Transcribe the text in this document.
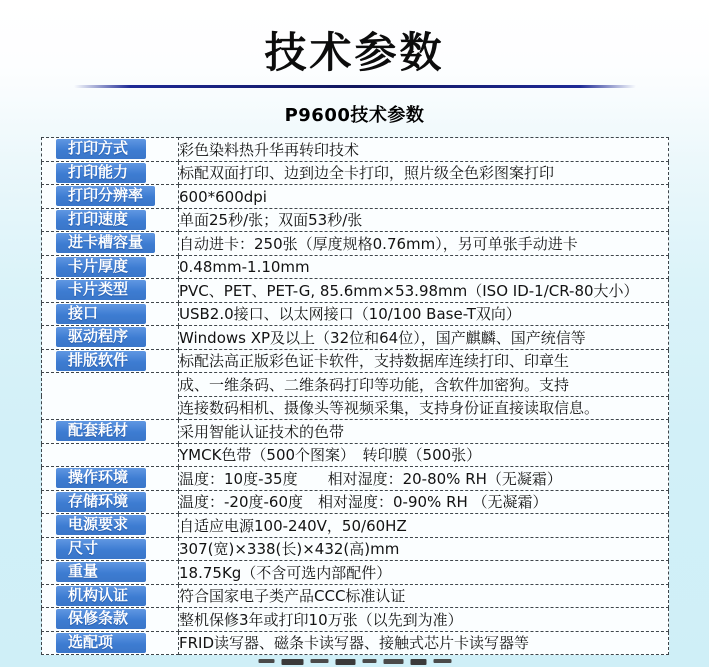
技术参数
P9600技术参数
打印方式	彩色染料热升华再转印技术

打印能力	标配双面打印、边到边全卡打印，照片级全色彩图案打印

打印分辨率	600*600dpi

打印速度	单面25秒/张；双面53秒/张

进卡槽容量	自动进卡：250张（厚度规格0.76mm），另可单张手动进卡

卡片厚度	0.48mm-1.10mm

卡片类型	PVC、PET、PET-G, 85.6mm×53.98mm（ISO ID-1/CR-80大小）

接口	USB2.0接口、以太网接口（10/100 Base-T双向）

驱动程序	Windows XP及以上（32位和64位），国产麒麟、国产统信等

排版软件	标配法高正版彩色证卡软件，支持数据库连续打印、印章生
	成、一维条码、二维条码打印等功能，含软件加密狗。支持
	连接数码相机、摄像头等视频采集，支持身份证直接读取信息。

配套耗材	采用智能认证技术的色带
	YMCK色带（500个图案）　转印膜（500张）

操作环境	温度：10度-35度　　相对湿度：20-80% RH（无凝霜）

存储环境	温度：-20度-60度　相对湿度：0-90% RH （无凝霜）

电源要求	自适应电源100-240V，50/60HZ

尺寸	307(宽)×338(长)×432(高)mm

重量	18.75Kg（不含可选内部配件）

机构认证	符合国家电子类产品CCC标准认证

保修条款	整机保修3年或打印10万张（以先到为准）

选配项	FRID读写器、磁条卡读写器、接触式芯片卡读写器等
